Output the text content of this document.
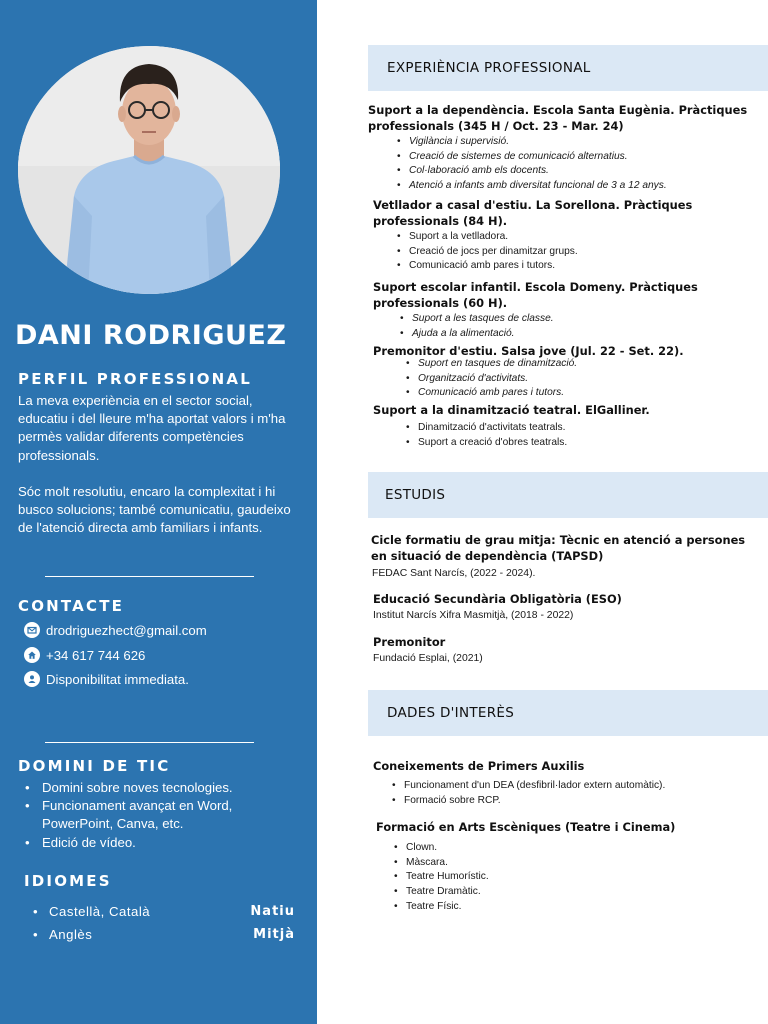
DANI RODRIGUEZ
PERFIL PROFESSIONAL

La meva experiència en el sector social, educatiu i del lleure m'ha aportat valors i m'ha permès validar diferents competències professionals.

Sóc molt resolutiu, encaro la complexitat i hi busco solucions; també comunicatiu, gaudeixo de l'atenció directa amb familiars i infants.

CONTACTE
drodriguezhect@gmail.com
+34 617 744 626
Disponibilitat immediata.
DOMINI DE TIC
• Domini sobre noves tecnologies.
• Funcionament avançat en Word,
PowerPoint, Canva, etc.
• Edició de vídeo.
IDIOMES
• Castellà, Català	Natiu
• Anglès	Mitjà
EXPERIÈNCIA PROFESSIONAL
Suport a la dependència. Escola Santa Eugènia. Pràctiques professionals (345 H / Oct. 23 - Mar. 24)
• Vigilància i supervisió.
• Creació de sistemes de comunicació alternatius.
• Col·laboració amb els docents.
• Atenció a infants amb diversitat funcional de 3 a 12 anys.
Vetllador a casal d'estiu. La Sorellona. Pràctiques professionals (84 H).
• Suport a la vetlladora.
• Creació de jocs per dinamitzar grups.
• Comunicació amb pares i tutors.
Suport escolar infantil. Escola Domeny. Pràctiques professionals (60 H).
• Suport a les tasques de classe.
• Ajuda a la alimentació.
Premonitor d'estiu. Salsa jove (Jul. 22 - Set. 22).
• Suport en tasques de dinamització.
• Organització d'activitats.
• Comunicació amb pares i tutors.
Suport a la dinamització teatral. ElGalliner.
• Dinamització d'activitats teatrals.
• Suport a creació d'obres teatrals.
ESTUDIS
Cicle formatiu de grau mitja: Tècnic en atenció a persones en situació de dependència (TAPSD)
FEDAC Sant Narcís, (2022 - 2024).
Educació Secundària Obligatòria (ESO)
Institut Narcís Xifra Masmitjà, (2018 - 2022)
Premonitor
Fundació Esplai, (2021)
DADES D'INTERÈS
Coneixements de Primers Auxilis
• Funcionament d'un DEA (desfibril·lador extern automàtic).
• Formació sobre RCP.
Formació en Arts Escèniques (Teatre i Cinema)
• Clown.
• Màscara.
• Teatre Humorístic.
• Teatre Dramàtic.
• Teatre Físic.
